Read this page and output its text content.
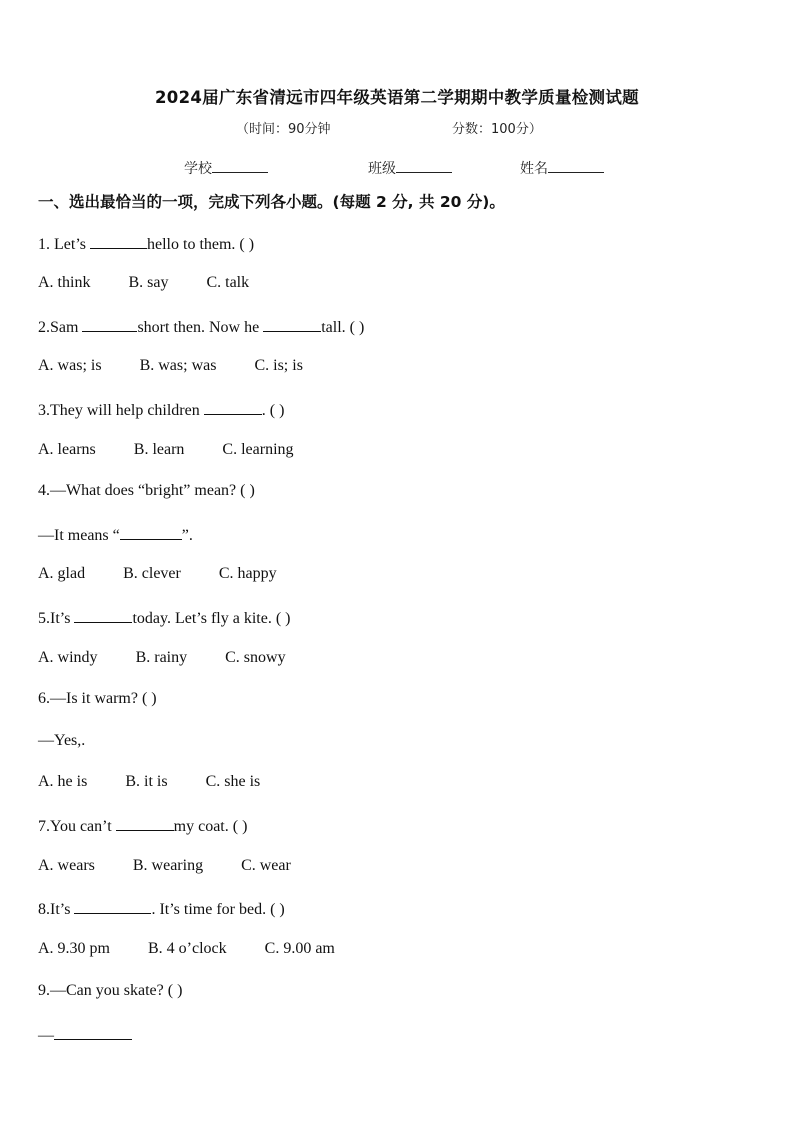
2024届广东省清远市四年级英语第二学期期中教学质量检测试题
（时间：90分钟	分数：100分）
学校	班级	姓名
一、选出最恰当的一项，完成下列各小题。(每题 2 分, 共 20 分)。
1. Let’s	hello to them. ( )
A. think B. say C. talk
2.Sam	short then. Now he	tall. ( )
A. was; is B. was; was C. is; is
3.They will help children	. ( )
A. learns B. learn C. learning
4.—What does “bright” mean? ( )
—It means “	”.
A. glad B. clever C. happy
5.It’s	today. Let’s fly a kite. ( )
A. windy B. rainy C. snowy
6.—Is it warm? ( )
—Yes,.
A. he is B. it is C. she is
7.You can’t	my coat. ( )
A. wears B. wearing C. wear
8.It’s	. It’s time for bed. ( )
A. 9.30 pm B. 4 o’clock C. 9.00 am
9.—Can you skate? ( )
—
